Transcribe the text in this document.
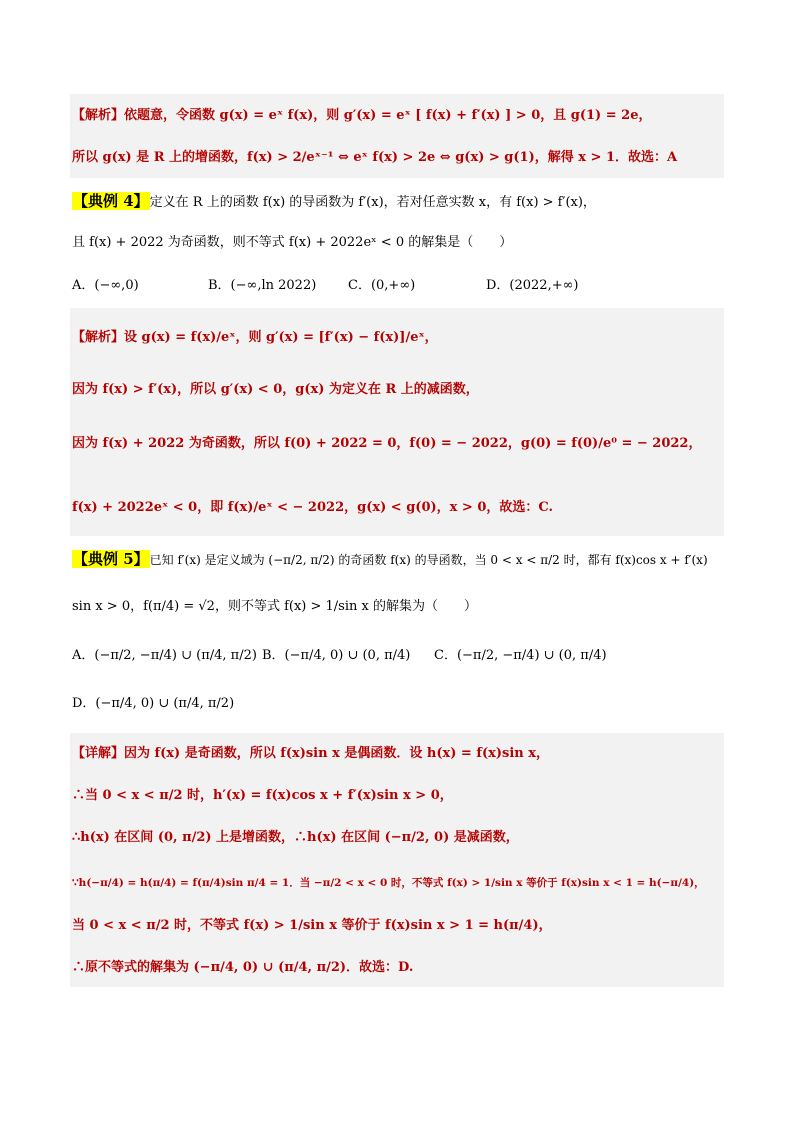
【解析】依题意，令函数 g(x) = eˣ f(x)，则 g′(x) = eˣ [ f(x) + f′(x) ] > 0，且 g(1) = 2e，
所以 g(x) 是 R 上的增函数，f(x) > 2/eˣ⁻¹ ⇔ eˣ f(x) > 2e ⇔ g(x) > g(1)，解得 x > 1．故选：A
【典例 4】定义在 R 上的函数 f(x) 的导函数为 f′(x)，若对任意实数 x，有 f(x) > f′(x)，
且 f(x) + 2022 为奇函数，则不等式 f(x) + 2022eˣ < 0 的解集是（　　）
A．(−∞,0)	B．(−∞,ln 2022) C．(0,+∞)	D．(2022,+∞)
【解析】设 g(x) = f(x)/eˣ，则 g′(x) = [f′(x) − f(x)]/eˣ，
因为 f(x) > f′(x)，所以 g′(x) < 0，g(x) 为定义在 R 上的减函数，
因为 f(x) + 2022 为奇函数，所以 f(0) + 2022 = 0，f(0) = − 2022，g(0) = f(0)/e⁰ = − 2022，
f(x) + 2022eˣ < 0，即 f(x)/eˣ < − 2022，g(x) < g(0)，x > 0，故选：C.
【典例 5】已知 f′(x) 是定义域为 (−π/2, π/2) 的奇函数 f(x) 的导函数，当 0 < x < π/2 时，都有 f(x)cos x + f′(x)
sin x > 0，f(π/4) = √2，则不等式 f(x) > 1/sin x 的解集为（　　）
A．(−π/2, −π/4) ∪ (π/4, π/2) B．(−π/4, 0) ∪ (0, π/4) C．(−π/2, −π/4) ∪ (0, π/4)
D．(−π/4, 0) ∪ (π/4, π/2)
【详解】因为 f(x) 是奇函数，所以 f(x)sin x 是偶函数．设 h(x) = f(x)sin x，
∴当 0 < x < π/2 时，h′(x) = f(x)cos x + f′(x)sin x > 0，
∴h(x) 在区间 (0, π/2) 上是增函数，∴h(x) 在区间 (−π/2, 0) 是减函数，
∵h(−π/4) = h(π/4) = f(π/4)sin π/4 = 1．当 −π/2 < x < 0 时，不等式 f(x) > 1/sin x 等价于 f(x)sin x < 1 = h(−π/4)，
当 0 < x < π/2 时，不等式 f(x) > 1/sin x 等价于 f(x)sin x > 1 = h(π/4)，
∴原不等式的解集为 (−π/4, 0) ∪ (π/4, π/2)．故选：D.
